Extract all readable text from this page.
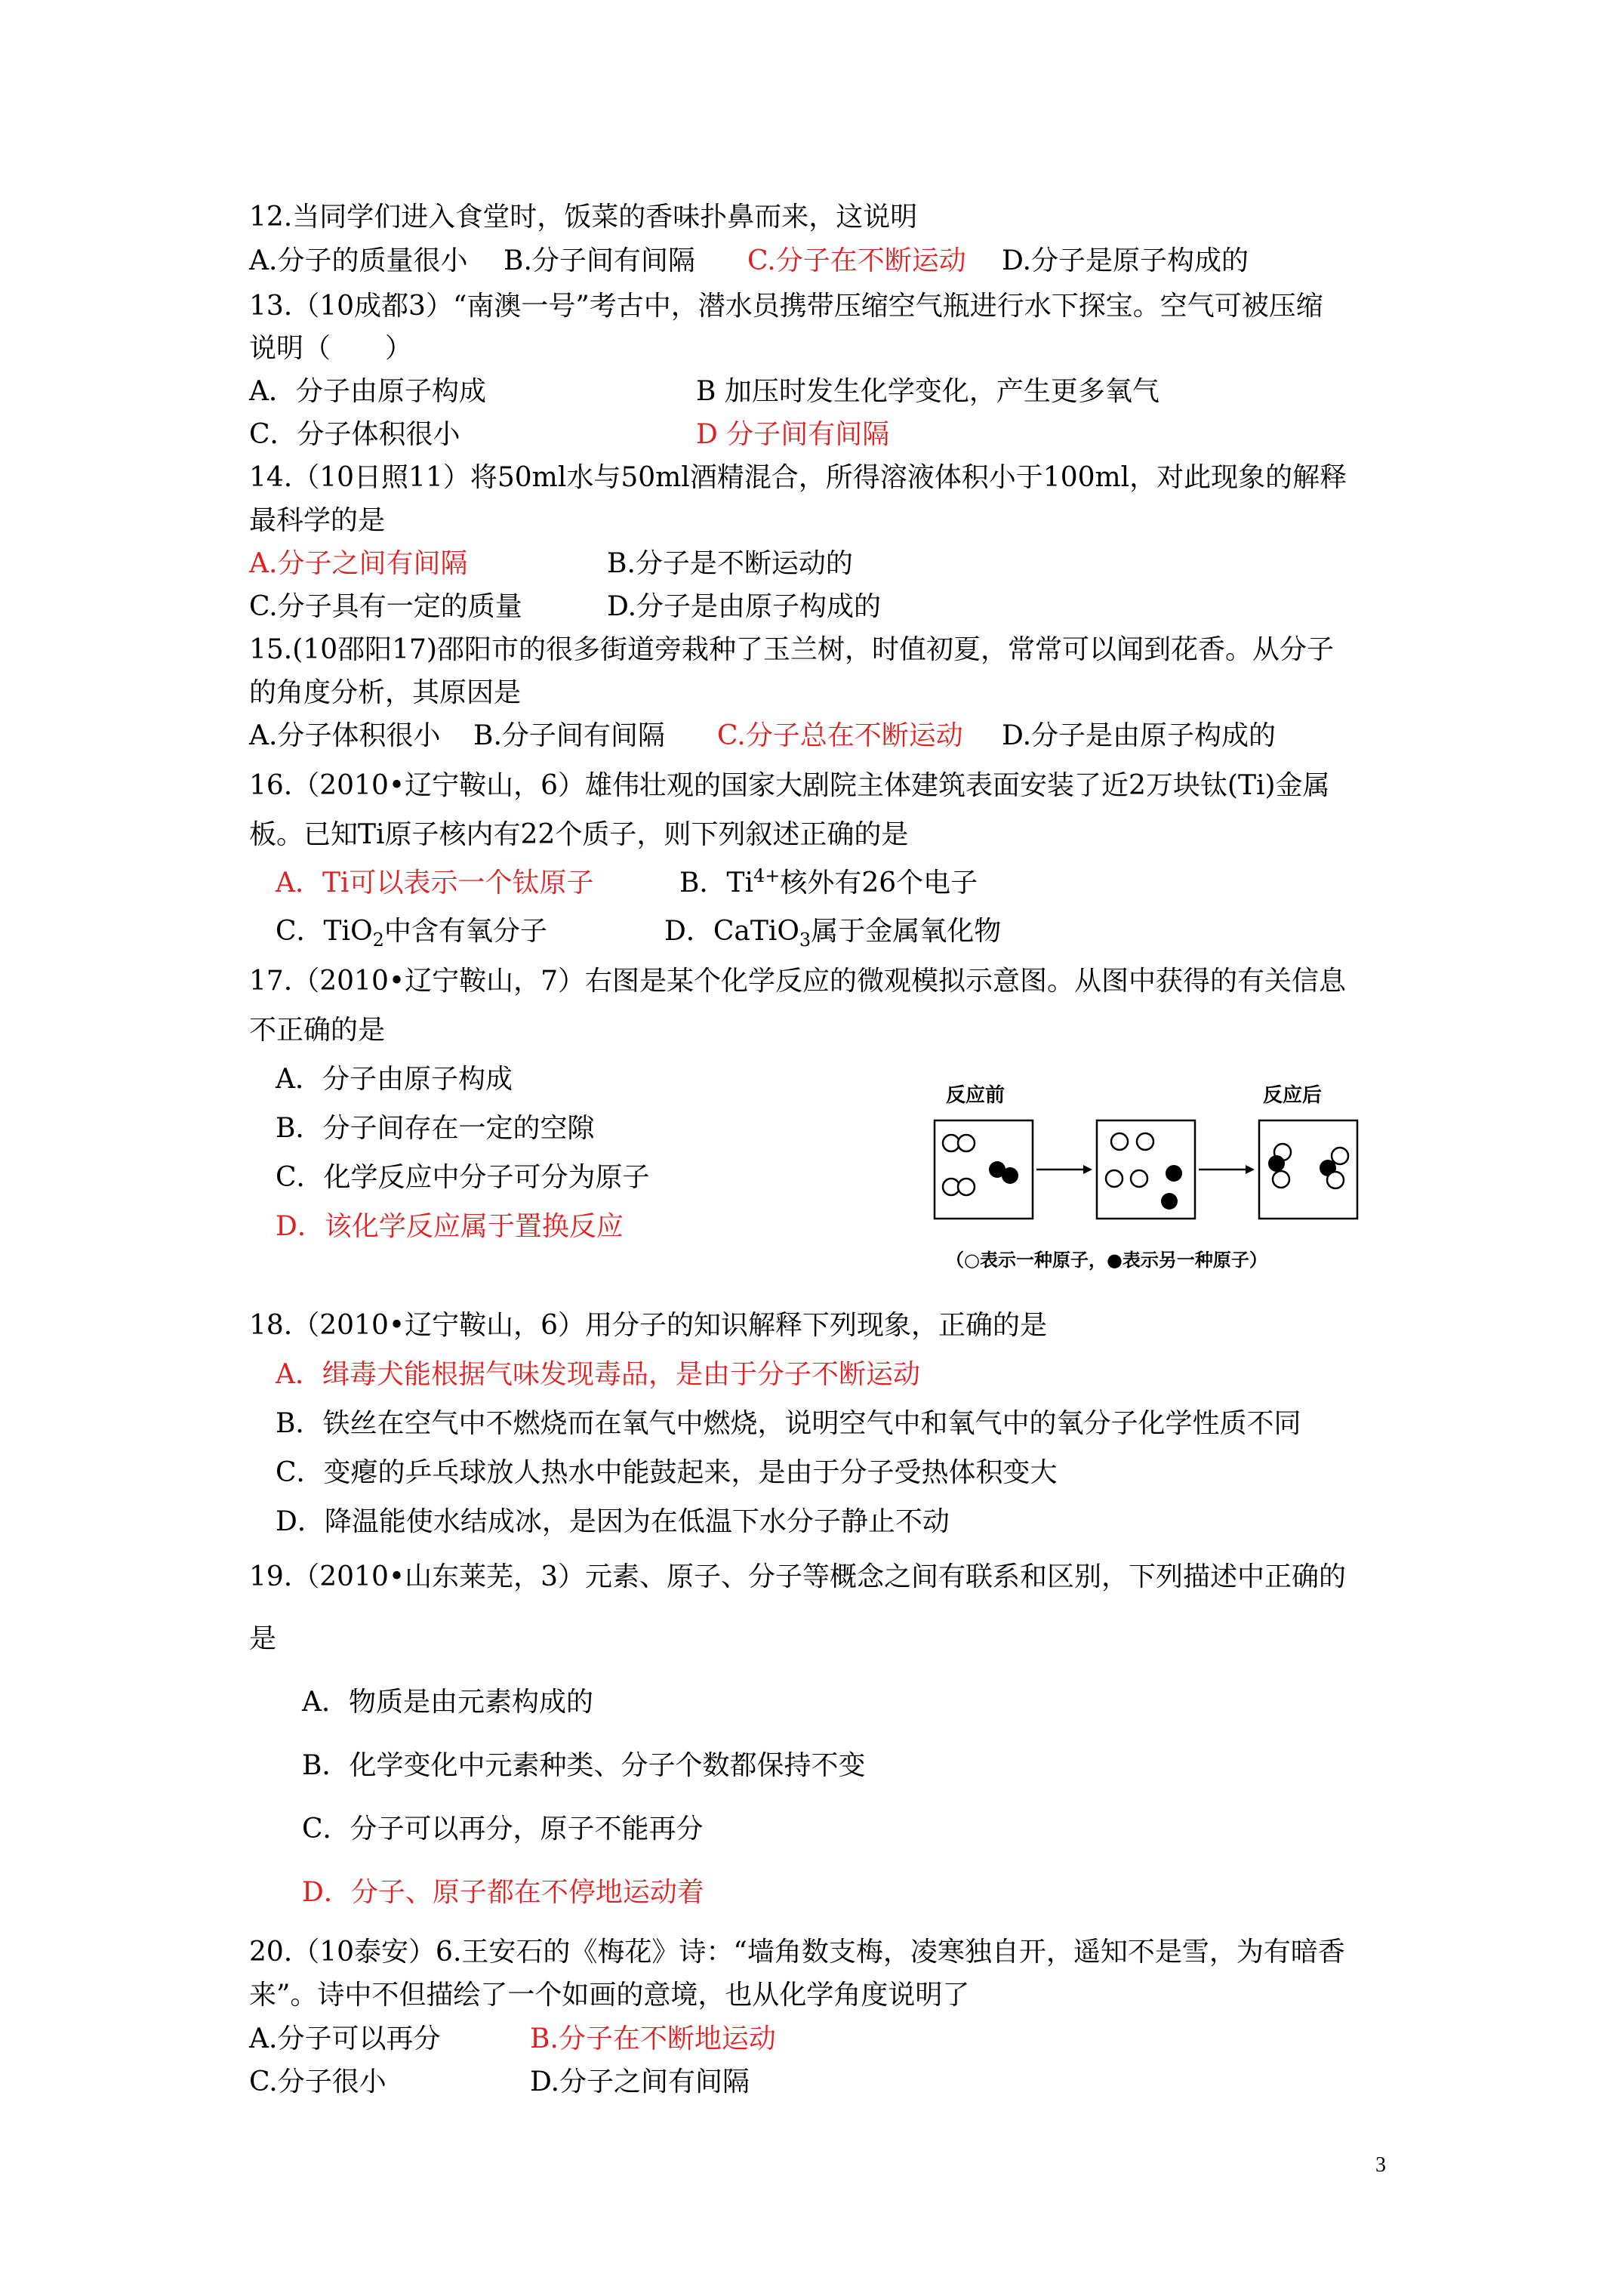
12.当同学们进入食堂时，饭菜的香味扑鼻而来，这说明
A.分子的质量很小 B.分子间有间隔 C.分子在不断运动 D.分子是原子构成的
13.（10成都3）“南澳一号”考古中，潜水员携带压缩空气瓶进行水下探宝。空气可被压缩
说明（　　）
A．分子由原子构成	B 加压时发生化学变化，产生更多氧气
C．分子体积很小	D 分子间有间隔
14.（10日照11）将50ml水与50ml酒精混合，所得溶液体积小于100ml，对此现象的解释
最科学的是
A.分子之间有间隔	B.分子是不断运动的
C.分子具有一定的质量	D.分子是由原子构成的
15.(10邵阳17)邵阳市的很多街道旁栽种了玉兰树，时值初夏，常常可以闻到花香。从分子
的角度分析，其原因是
A.分子体积很小 B.分子间有间隔 C.分子总在不断运动 D.分子是由原子构成的
16.（2010•辽宁鞍山，6）雄伟壮观的国家大剧院主体建筑表面安装了近2万块钛(Ti)金属
板。已知Ti原子核内有22个质子，则下列叙述正确的是
A．Ti可以表示一个钛原子	B．$Ti^{4+}$核外有26个电子
C．TiO$_2$中含有氧分子	D．CaTiO$_3$属于金属氧化物
17.（2010•辽宁鞍山，7）右图是某个化学反应的微观模拟示意图。从图中获得的有关信息
不正确的是
A．分子由原子构成
B．分子间存在一定的空隙
C．化学反应中分子可分为原子
D．该化学反应属于置换反应
反应前	反应后
（○表示一种原子，●表示另一种原子）
18.（2010•辽宁鞍山，6）用分子的知识解释下列现象，正确的是
A．缉毒犬能根据气味发现毒品，是由于分子不断运动
B．铁丝在空气中不燃烧而在氧气中燃烧，说明空气中和氧气中的氧分子化学性质不同
C．变瘪的乒乓球放人热水中能鼓起来，是由于分子受热体积变大
D．降温能使水结成冰，是因为在低温下水分子静止不动
19.（2010•山东莱芜，3）元素、原子、分子等概念之间有联系和区别，下列描述中正确的
是
A．物质是由元素构成的
B．化学变化中元素种类、分子个数都保持不变
C．分子可以再分，原子不能再分
D．分子、原子都在不停地运动着
20.（10泰安）6.王安石的《梅花》诗：“墙角数支梅，凌寒独自开，遥知不是雪，为有暗香
来”。诗中不但描绘了一个如画的意境，也从化学角度说明了
A.分子可以再分	B.分子在不断地运动
C.分子很小	D.分子之间有间隔
3
